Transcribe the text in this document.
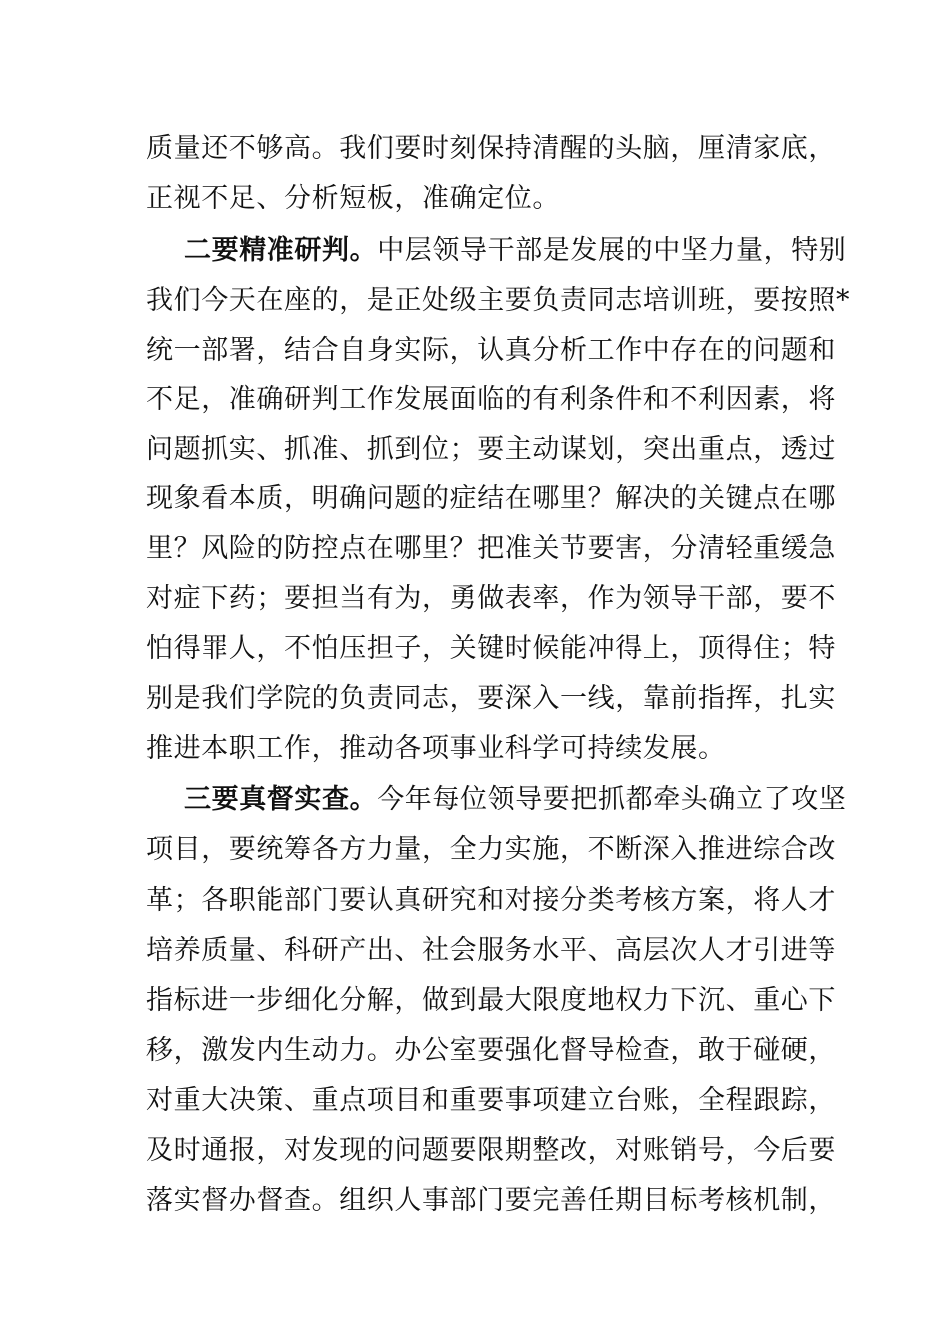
质量还不够高。我们要时刻保持清醒的头脑，厘清家底，
正视不足、分析短板，准确定位。
二要精准研判。中层领导干部是发展的中坚力量，特别
我们今天在座的，是正处级主要负责同志培训班，要按照*
统一部署，结合自身实际，认真分析工作中存在的问题和
不足，准确研判工作发展面临的有利条件和不利因素，将
问题抓实、抓准、抓到位；要主动谋划，突出重点，透过
现象看本质，明确问题的症结在哪里？解决的关键点在哪
里？风险的防控点在哪里？把准关节要害，分清轻重缓急
对症下药；要担当有为，勇做表率，作为领导干部，要不
怕得罪人，不怕压担子，关键时候能冲得上，顶得住；特
别是我们学院的负责同志，要深入一线，靠前指挥，扎实
推进本职工作，推动各项事业科学可持续发展。
三要真督实查。今年每位领导要把抓都牵头确立了攻坚
项目，要统筹各方力量，全力实施，不断深入推进综合改
革；各职能部门要认真研究和对接分类考核方案，将人才
培养质量、科研产出、社会服务水平、高层次人才引进等
指标进一步细化分解，做到最大限度地权力下沉、重心下
移，激发内生动力。办公室要强化督导检查，敢于碰硬，
对重大决策、重点项目和重要事项建立台账，全程跟踪，
及时通报，对发现的问题要限期整改，对账销号，今后要
落实督办督查。组织人事部门要完善任期目标考核机制，
